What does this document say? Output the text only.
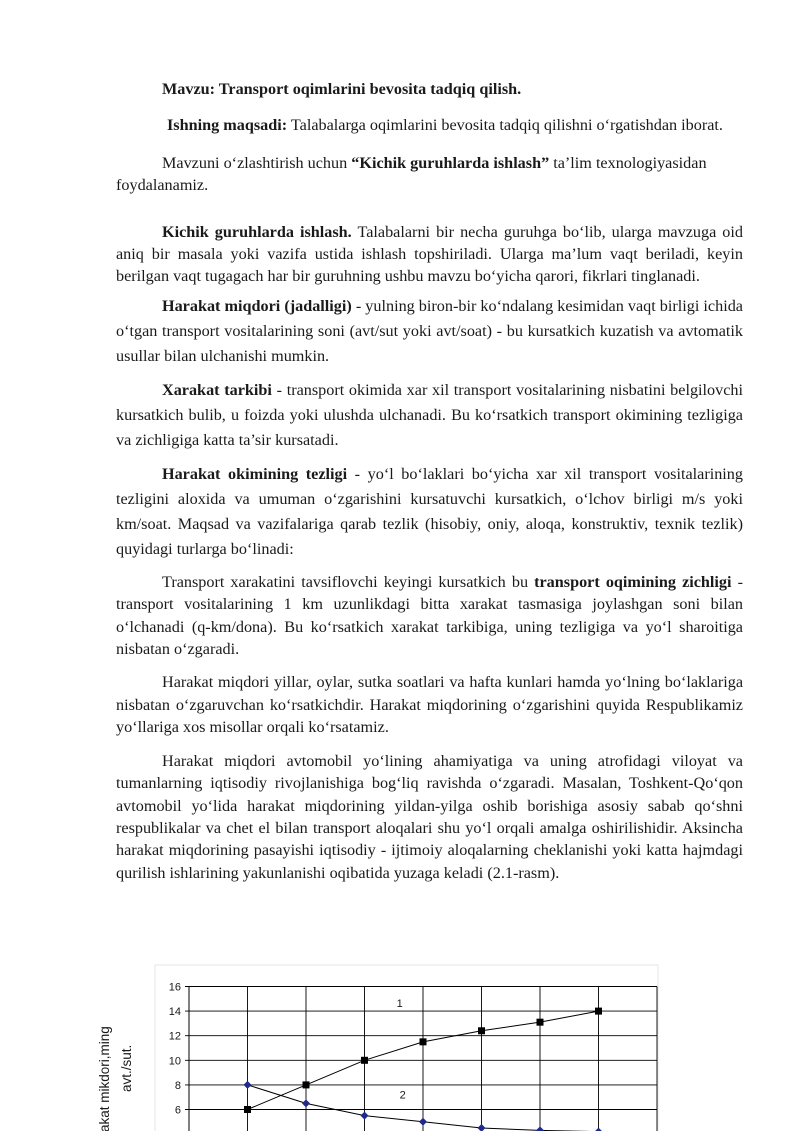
Mavzu: Transport oqimlarini bevosita tadqiq qilish.

Ishning maqsadi: Talabalarga oqimlarini bevosita tadqiq qilishni o‘rgatishdan iborat.

Mavzuni o‘zlashtirish uchun “Kichik guruhlarda ishlash” ta’lim texnologiyasidan foydalanamiz.

Kichik guruhlarda ishlash. Talabalarni bir necha guruhga bo‘lib, ularga mavzuga oid aniq bir masala yoki vazifa ustida ishlash topshiriladi. Ularga ma’lum vaqt beriladi, keyin berilgan vaqt tugagach har bir guruhning ushbu mavzu bo‘yicha qarori, fikrlari tinglanadi.

Harakat miqdori (jadalligi) - yulning biron-bir ko‘ndalang kesimidan vaqt birligi ichida o‘tgan transport vositalarining soni (avt/sut yoki avt/soat) - bu kursatkich kuzatish va avtomatik usullar bilan ulchanishi mumkin.

Xarakat tarkibi - transport okimida xar xil transport vositalarining nisbatini belgilovchi kursatkich bulib, u foizda yoki ulushda ulchanadi. Bu ko‘rsatkich transport okimining tezligiga va zichligiga katta ta’sir kursatadi.

Harakat okimining tezligi - yo‘l bo‘laklari bo‘yicha xar xil transport vositalarining tezligini aloxida va umuman o‘zgarishini kursatuvchi kursatkich, o‘lchov birligi m/s yoki km/soat. Maqsad va vazifalariga qarab tezlik (hisobiy, oniy, aloqa, konstruktiv, texnik tezlik) quyidagi turlarga bo‘linadi:

Transport xarakatini tavsiflovchi keyingi kursatkich bu transport oqimining zichligi - transport vositalarining 1 km uzunlikdagi bitta xarakat tasmasiga joylashgan soni bilan o‘lchanadi (q-km/dona). Bu ko‘rsatkich xarakat tarkibiga, uning tezligiga va yo‘l sharoitiga nisbatan o‘zgaradi.

Harakat miqdori yillar, oylar, sutka soatlari va hafta kunlari hamda yo‘lning bo‘laklariga nisbatan o‘zgaruvchan ko‘rsatkichdir. Harakat miqdorining o‘zgarishini quyida Respublikamiz yo‘llariga xos misollar orqali ko‘rsatamiz.

Harakat miqdori avtomobil yo‘lining ahamiyatiga va uning atrofidagi viloyat va tumanlarning iqtisodiy rivojlanishiga bog‘liq ravishda o‘zgaradi. Masalan, Toshkent-Qo‘qon avtomobil yo‘lida harakat miqdorining yildan-yilga oshib borishiga asosiy sabab qo‘shni respublikalar va chet el bilan transport aloqalari shu yo‘l orqali amalga oshirilishidir. Aksincha harakat miqdorining pasayishi iqtisodiy - ijtimoiy aloqalarning cheklanishi yoki katta hajmdagi qurilish ishlarining yakunlanishi oqibatida yuzaga keladi (2.1-rasm).

akat mikdori,ming avt./sut.
16
14
12
10
8
6
1
2
